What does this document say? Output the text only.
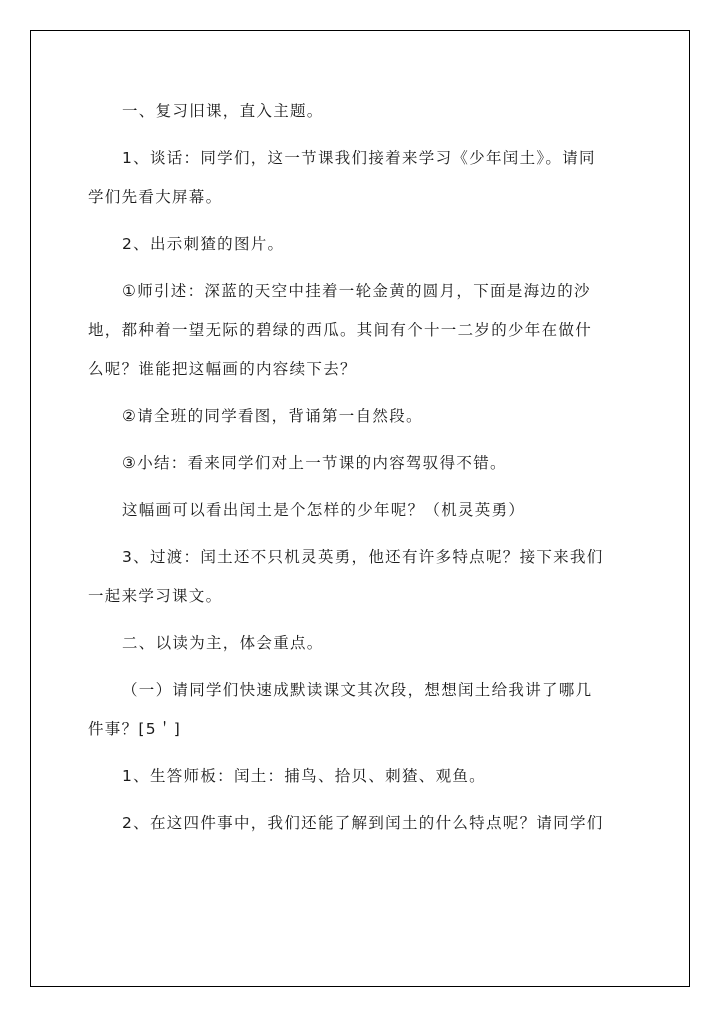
一、复习旧课，直入主题。
1、谈话：同学们，这一节课我们接着来学习《少年闰土》。请同
学们先看大屏幕。
2、出示刺猹的图片。
①师引述：深蓝的天空中挂着一轮金黄的圆月，下面是海边的沙
地，都种着一望无际的碧绿的西瓜。其间有个十一二岁的少年在做什
么呢？谁能把这幅画的内容续下去？
②请全班的同学看图，背诵第一自然段。
③小结：看来同学们对上一节课的内容驾驭得不错。
这幅画可以看出闰土是个怎样的少年呢？（机灵英勇）
3、过渡：闰土还不只机灵英勇，他还有许多特点呢？接下来我们
一起来学习课文。
二、以读为主，体会重点。
（一）请同学们快速成默读课文其次段，想想闰土给我讲了哪几
件事？[5＇]
1、生答师板：闰土：捕鸟、拾贝、刺猹、观鱼。
2、在这四件事中，我们还能了解到闰土的什么特点呢？请同学们
